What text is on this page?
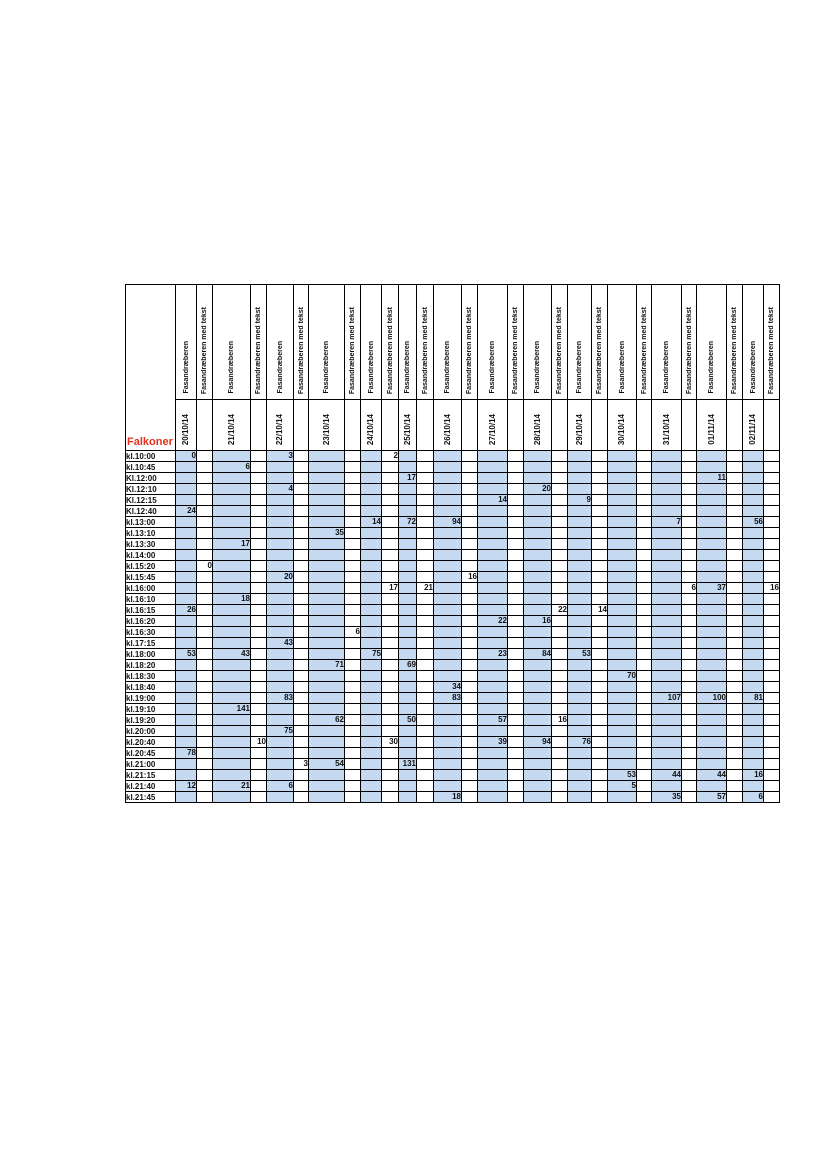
Falkoner	Fasandræberen	Fasandræberen med tekst	Fasandræberen	Fasandræberen med tekst	Fasandræberen	Fasandræberen med tekst	Fasandræberen	Fasandræberen med tekst	Fasandræberen	Fasandræberen med tekst	Fasandræberen	Fasandræberen med tekst	Fasandræberen	Fasandræberen med tekst	Fasandræberen	Fasandræberen med tekst	Fasandræberen	Fasandræberen med tekst	Fasandræberen	Fasandræberen med tekst	Fasandræberen	Fasandræberen med tekst	Fasandræberen	Fasandræberen med tekst	Fasandræberen	Fasandræberen med tekst	Fasandræberen	Fasandræberen med tekst
	20/10/14		21/10/14		22/10/14		23/10/14		24/10/14		25/10/14		26/10/14		27/10/14		28/10/14		29/10/14		30/10/14		31/10/14		01/11/14		02/11/14	
kl.10:00	0				3					2																		
kl.10:45			6																									
Kl.12:00											17														11			
Kl.12:10					4												20											
Kl.12:15															14				9									
Kl.12:40	24																											
kl.13:00									14		72		94										7				56	
kl.13:10							35																					
kl.13:30			17																									
kl.14:00																												
kl.15:20		0																										
kl.15:45					20									16														
kl.16:00										17		21												6	37			16
kl.16:10			18																									
kl.16:15	26																	22		14								
kl.16:20															22		16											
kl.16:30								6																				
kl.17:15					43																							
kl.18:00	53		43						75						23		84		53									
kl.18:20							71				69																	
kl.18:30																					70							
kl.18:40													34															
kl.19:00					83								83										107		100		81	
kl.19:10			141																									
kl.19:20							62				50				57			16										
kl.20:00					75																							
kl.20:40				10						30					39		94		76									
kl.20:45	78																											
kl.21:00						3	54				131																	
kl.21:15																					53		44		44		16	
kl.21:40	12		21		6																5							
kl.21:45													18										35		57		6	
